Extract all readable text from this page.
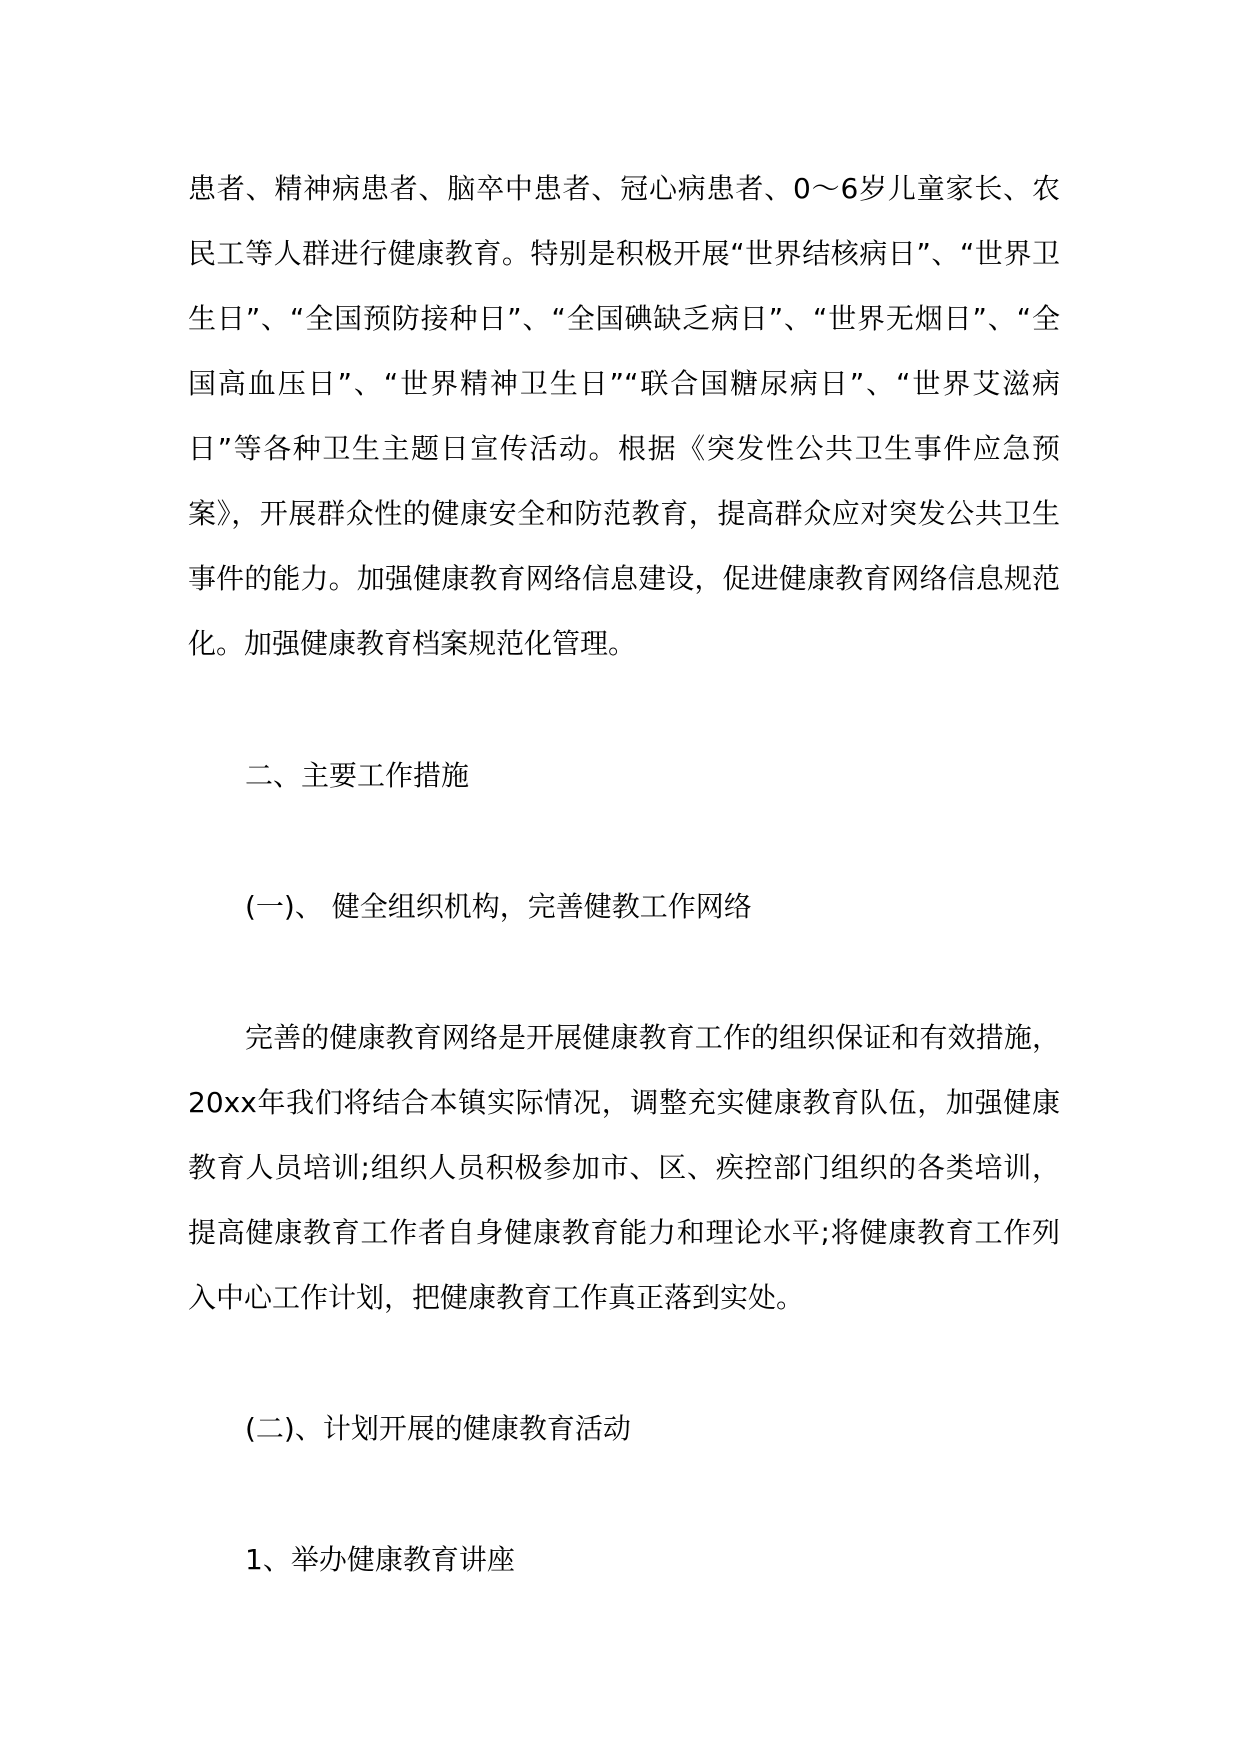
患者、精神病患者、脑卒中患者、冠心病患者、0～6岁儿童家长、农民工等人群进行健康教育。特别是积极开展“世界结核病日”、“世界卫生日”、“全国预防接种日”、“全国碘缺乏病日”、“世界无烟日”、“全国高血压日”、“世界精神卫生日”“联合国糖尿病日”、“世界艾滋病日”等各种卫生主题日宣传活动。根据《突发性公共卫生事件应急预案》，开展群众性的健康安全和防范教育，提高群众应对突发公共卫生事件的能力。加强健康教育网络信息建设，促进健康教育网络信息规范化。加强健康教育档案规范化管理。

二、主要工作措施

(一)、 健全组织机构，完善健教工作网络

完善的健康教育网络是开展健康教育工作的组织保证和有效措施，20xx年我们将结合本镇实际情况，调整充实健康教育队伍，加强健康教育人员培训;组织人员积极参加市、区、疾控部门组织的各类培训，提高健康教育工作者自身健康教育能力和理论水平;将健康教育工作列入中心工作计划，把健康教育工作真正落到实处。

(二)、计划开展的健康教育活动

1、举办健康教育讲座
